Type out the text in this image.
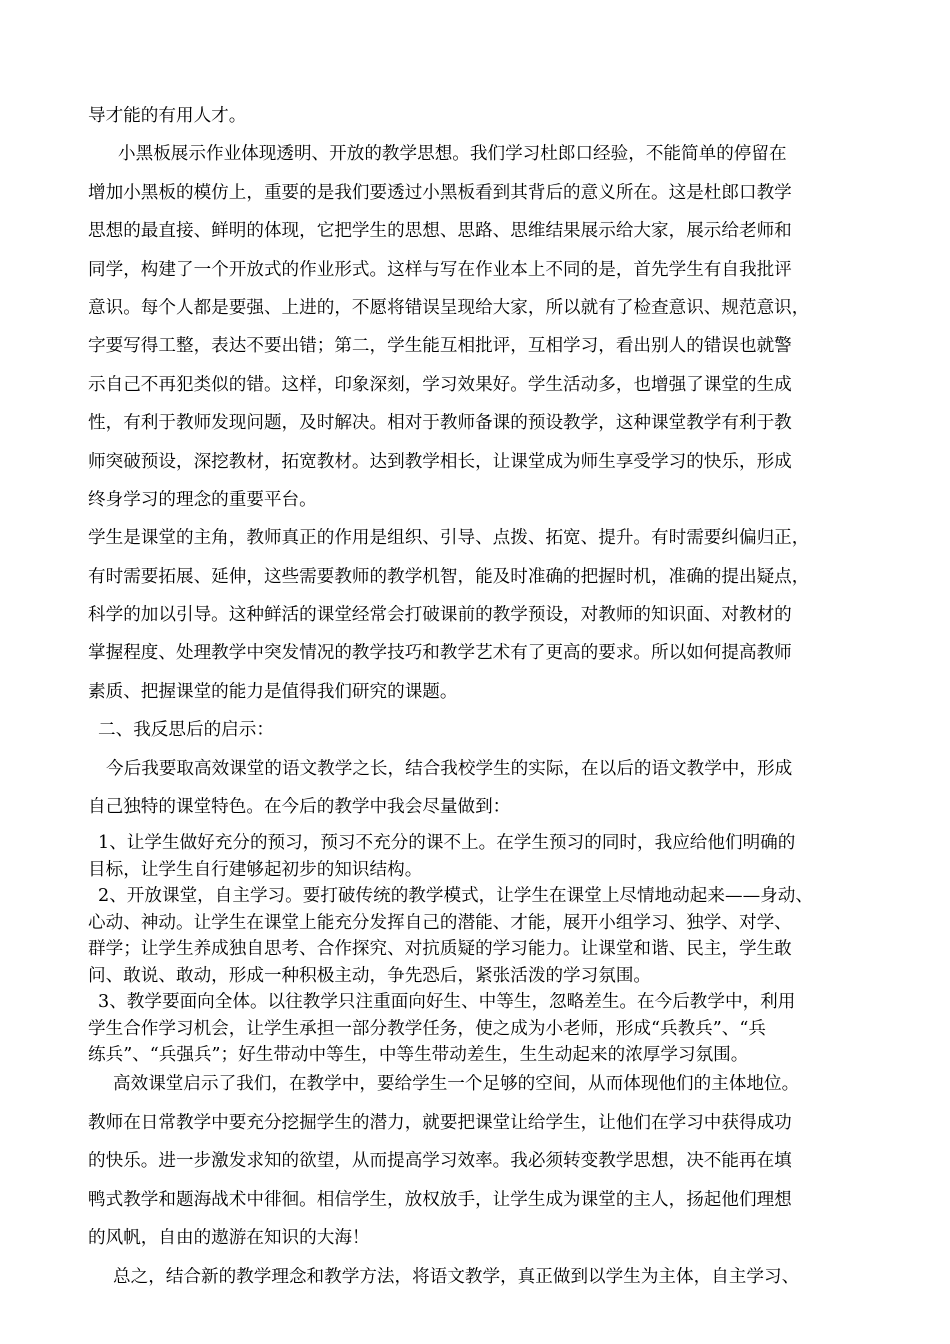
导才能的有用人才。

小黑板展示作业体现透明、开放的教学思想。我们学习杜郎口经验，不能简单的停留在

增加小黑板的模仿上，重要的是我们要透过小黑板看到其背后的意义所在。这是杜郎口教学

思想的最直接、鲜明的体现，它把学生的思想、思路、思维结果展示给大家，展示给老师和

同学，构建了一个开放式的作业形式。这样与写在作业本上不同的是，首先学生有自我批评

意识。每个人都是要强、上进的，不愿将错误呈现给大家，所以就有了检查意识、规范意识，

字要写得工整，表达不要出错；第二，学生能互相批评，互相学习，看出别人的错误也就警

示自己不再犯类似的错。这样，印象深刻，学习效果好。学生活动多，也增强了课堂的生成

性，有利于教师发现问题，及时解决。相对于教师备课的预设教学，这种课堂教学有利于教

师突破预设，深挖教材，拓宽教材。达到教学相长，让课堂成为师生享受学习的快乐，形成

终身学习的理念的重要平台。

学生是课堂的主角，教师真正的作用是组织、引导、点拨、拓宽、提升。有时需要纠偏归正，

有时需要拓展、延伸，这些需要教师的教学机智，能及时准确的把握时机，准确的提出疑点，

科学的加以引导。这种鲜活的课堂经常会打破课前的教学预设，对教师的知识面、对教材的

掌握程度、处理教学中突发情况的教学技巧和教学艺术有了更高的要求。所以如何提高教师

素质、把握课堂的能力是值得我们研究的课题。

二、我反思后的启示：

今后我要取高效课堂的语文教学之长，结合我校学生的实际，在以后的语文教学中，形成

自己独特的课堂特色。在今后的教学中我会尽量做到：

1、让学生做好充分的预习，预习不充分的课不上。在学生预习的同时，我应给他们明确的

目标，让学生自行建够起初步的知识结构。

2、开放课堂，自主学习。要打破传统的教学模式，让学生在课堂上尽情地动起来——身动、

心动、神动。让学生在课堂上能充分发挥自己的潜能、才能，展开小组学习、独学、对学、

群学；让学生养成独自思考、合作探究、对抗质疑的学习能力。让课堂和谐、民主，学生敢

问、敢说、敢动，形成一种积极主动，争先恐后，紧张活泼的学习氛围。

3、教学要面向全体。以往教学只注重面向好生、中等生，忽略差生。在今后教学中，利用

学生合作学习机会，让学生承担一部分教学任务，使之成为小老师，形成“兵教兵”、“兵

练兵”、“兵强兵”；好生带动中等生，中等生带动差生，生生动起来的浓厚学习氛围。

高效课堂启示了我们，在教学中，要给学生一个足够的空间，从而体现他们的主体地位。

教师在日常教学中要充分挖掘学生的潜力，就要把课堂让给学生，让他们在学习中获得成功

的快乐。进一步激发求知的欲望，从而提高学习效率。我必须转变教学思想，决不能再在填

鸭式教学和题海战术中徘徊。相信学生，放权放手，让学生成为课堂的主人，扬起他们理想

的风帆，自由的遨游在知识的大海！

总之，结合新的教学理念和教学方法，将语文教学，真正做到以学生为主体，自主学习、
